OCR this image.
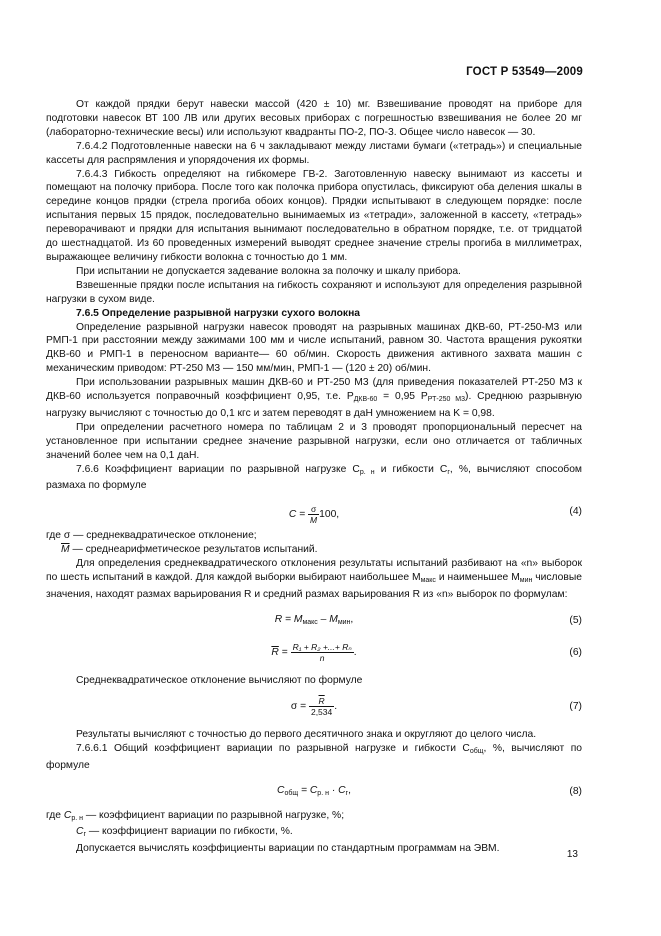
ГОСТ Р 53549—2009

От каждой прядки берут навески массой (420 ± 10) мг. Взвешивание проводят на приборе для подготовки навесок ВТ 100 ЛВ или других весовых приборах с погрешностью взвешивания не более 20 мг (лабораторно-технические весы) или используют квадранты ПО-2, ПО-3. Общее число навесок — 30.

7.6.4.2 Подготовленные навески на 6 ч закладывают между листами бумаги («тетрадь») и специальные кассеты для распрямления и упорядочения их формы.

7.6.4.3 Гибкость определяют на гибкомере ГВ-2. Заготовленную навеску вынимают из кассеты и помещают на полочку прибора. После того как полочка прибора опустилась, фиксируют оба деления шкалы в середине концов прядки (стрела прогиба обоих концов). Прядки испытывают в следующем порядке: после испытания первых 15 прядок, последовательно вынимаемых из «тетради», заложенной в кассету, «тетрадь» переворачивают и прядки для испытания вынимают последовательно в обратном порядке, т.е. от тридцатой до шестнадцатой. Из 60 проведенных измерений выводят среднее значение стрелы прогиба в миллиметрах, выражающее величину гибкости волокна с точностью до 1 мм.

При испытании не допускается задевание волокна за полочку и шкалу прибора.

Взвешенные прядки после испытания на гибкость сохраняют и используют для определения разрывной нагрузки в сухом виде.

7.6.5 Определение разрывной нагрузки сухого волокна

Определение разрывной нагрузки навесок проводят на разрывных машинах ДКВ-60, РТ-250-М3 или РМП-1 при расстоянии между зажимами 100 мм и числе испытаний, равном 30. Частота вращения рукоятки ДКВ-60 и РМП-1 в переносном варианте— 60 об/мин. Скорость движения активного захвата машин с механическим приводом: РТ-250 М3 — 150 мм/мин, РМП-1 — (120 ± 20) об/мин.

При использовании разрывных машин ДКВ-60 и РТ-250 М3 (для приведения показателей РТ-250 М3 к ДКВ-60 используется поправочный коэффициент 0,95, т.е. $P_{ДКВ-60} = 0,95$ $P_{РТ-250 М3}$). Среднюю разрывную нагрузку вычисляют с точностью до 0,1 кгс и затем переводят в даН умножением на K = 0,98.

При определении расчетного номера по таблицам 2 и 3 проводят пропорциональный пересчет на установленное при испытании среднее значение разрывной нагрузки, если оно отличается от табличных значений более чем на 0,1 даН.

7.6.6 Коэффициент вариации по разрывной нагрузке $C_{р. н}$ и гибкости $C_г$, %, вычисляют способом размаха по формуле

$C = \frac{\sigma}{M} 100$,	(4)

где σ — среднеквадратическое отклонение;

$\overline{M}$ — среднеарифметическое результатов испытаний.

Для определения среднеквадратического отклонения результаты испытаний разбивают на «n» выборок по шесть испытаний в каждой. Для каждой выборки выбирают наибольшее $M_{макс}$ и наименьшее $M_{мин}$ числовые значения, находят размах варьирования R и средний размах варьирования R из «n» выборок по формулам:

$R = M_{макс} - M_{мин}$,	(5)
$\overline{R} = \frac{\text{R₁ + R₂ +...+ Rₙ}}{n}$ .	(6)

Среднеквадратическое отклонение вычисляют по формуле

$\sigma = \frac{\overline{R}}{2,534}$ .	(7)

Результаты вычисляют с точностью до первого десятичного знака и округляют до целого числа.

7.6.6.1 Общий коэффициент вариации по разрывной нагрузке и гибкости $C_{общ}$, %, вычисляют по формуле

$C_{общ} = C_{р. н} \cdot C_г$,	(8)

где $C_{р. н}$ — коэффициент вариации по разрывной нагрузке, %;

$C_г$ — коэффициент вариации по гибкости, %.

Допускается вычислять коэффициенты вариации по стандартным программам на ЭВМ.

13
